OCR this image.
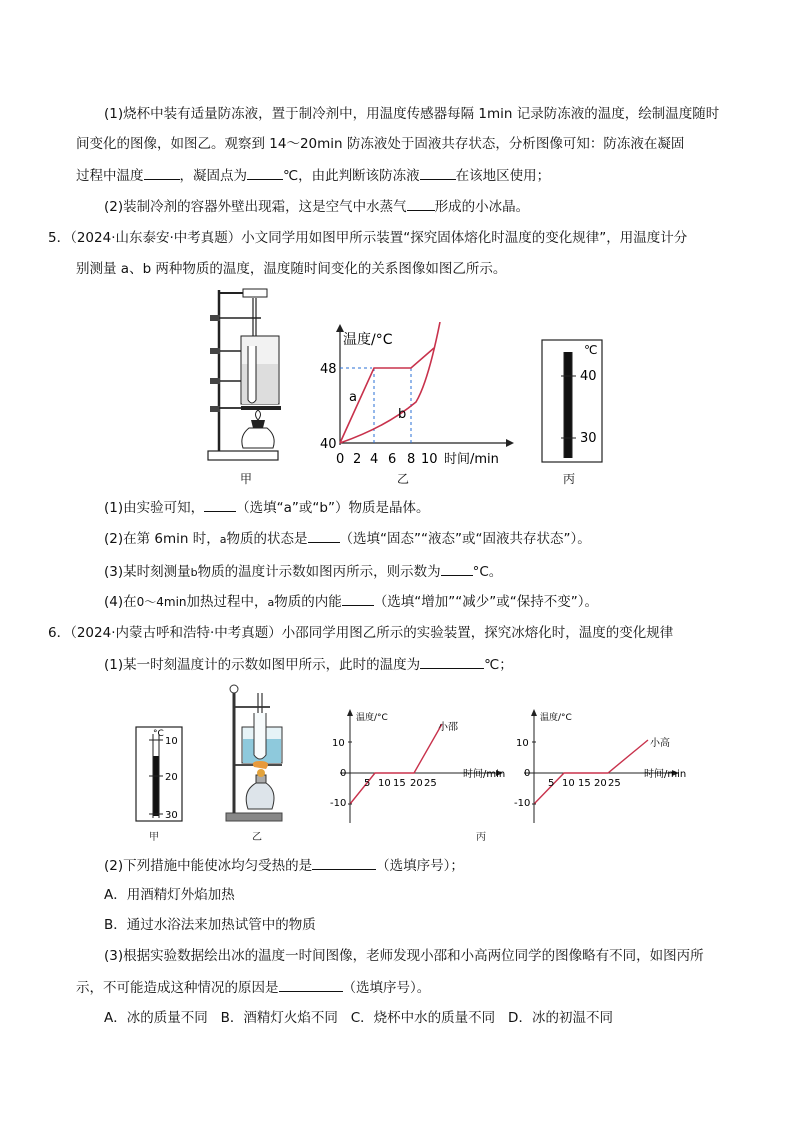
(1)烧杯中装有适量防冻液，置于制冷剂中，用温度传感器每隔 1min 记录防冻液的温度，绘制温度随时
间变化的图像，如图乙。观察到 14～20min 防冻液处于固液共存状态，分析图像可知：防冻液在凝固
过程中温度	，凝固点为	℃，由此判断该防冻液	在该地区使用；
(2)装制冷剂的容器外壁出现霜，这是空气中水蒸气 形成的小冰晶。
5．（2024·山东泰安·中考真题）小文同学用如图甲所示装置“探究固体熔化时温度的变化规律”，用温度计分
别测量 a、b 两种物质的温度，温度随时间变化的关系图像如图乙所示。
甲
温度/°C
48
40
a
b
0 2 4 6 8 10 时间/min
乙
℃
40
30
丙
(1)由实验可知， （选填“a”或“b”）物质是晶体。
(2)在第 6min 时，a物质的状态是 （选填“固态”“液态”或“固液共存状态”）。
(3)某时刻测量b物质的温度计示数如图丙所示，则示数为 °C。
(4)在0～4min加热过程中，a物质的内能 （选填“增加”“减少”或“保持不变”）。
6．（2024·内蒙古呼和浩特·中考真题）小邵同学用图乙所示的实验装置，探究冰熔化时，温度的变化规律
(1)某一时刻温度计的示数如图甲所示，此时的温度为	℃；
°C
10
20
30
甲	乙
温度/°C
小邵
10
0
-10
5 10 15 20 25
时间/min
温度/°C
小高
10
0
-10
5 10 15 20 25
时间/min
丙
(2)下列措施中能使冰均匀受热的是	（选填序号）；
A．用酒精灯外焰加热
B．通过水浴法来加热试管中的物质
(3)根据实验数据绘出冰的温度一时间图像，老师发现小邵和小高两位同学的图像略有不同，如图丙所
示，不可能造成这种情况的原因是	（选填序号）。
A．冰的质量不同   B．酒精灯火焰不同   C．烧杯中水的质量不同   D．冰的初温不同
